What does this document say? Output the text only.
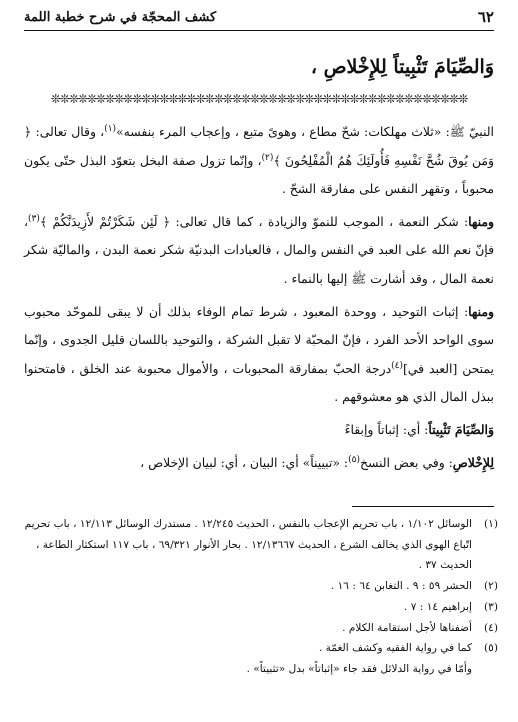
٦٢
كشف المحجّة في شرح خطبة اللمة
وَالصِّيَامَ تَثْبِيتاً لِلإِخْلاصِ ،
❊❊❊❊❊❊❊❊❊❊❊❊❊❊❊❊❊❊❊❊❊❊❊❊❊❊❊❊❊❊❊❊❊❊❊❊❊❊❊❊❊❊❊❊❊❊

النبيّ ﷺ: «ثلاث مهلكات: شحّ مطاع ، وهوىً متبع ، وإعجاب المرء بنفسه»$^{(١)}$، وقال تعالى: ﴿ وَمَن يُوقَ شُحَّ نَفْسِهِ فَأُولَئِكَ هُمُ الْمُفْلِحُونَ ﴾$^{(٢)}$، وإنّما تزول صفة البخل بتعوّد البذل حتّى يكون محبوباً ، وتقهر النفس على مفارقة الشحّ .

ومنها: شكر النعمة ، الموجب للنموّ والزيادة ، كما قال تعالى: ﴿ لَئِن شَكَرْتُمْ لأَزِيدَنَّكُمْ ﴾$^{(٣)}$، فإنّ نعم الله على العبد في النفس والمال ، فالعبادات البدنيّة شكر نعمة البدن ، والماليّة شكر نعمة المال ، وقد أشارت ﷺ إليها بالنماء .

ومنها: إثبات التوحيد ، ووحدة المعبود ، شرط تمام الوفاء بذلك أن لا يبقى للموحّد محبوب سوى الواحد الأحد الفرد ، فإنّ المحبّة لا تقبل الشركة ، والتوحيد باللسان قليل الجدوى ، وإنّما يمتحن [العبد في]$^{(٤)}$درجة الحبّ بمفارقة المحبوبات ، والأموال محبوبة عند الخلق ، فامتحنوا ببذل المال الذي هو معشوقهم .

وَالصِّيَامَ تَثْبِيتاً: أي: إثباتاً وإبقاءً

لِلإِخْلاصِ: وفي بعض النسخ$^{(٥)}$: «تبييناً» أي: البيان ، أي: لبيان الإخلاص ،

(١)
الوسائل ١/١٠٢ ، باب تحريم الإعجاب بالنفس ، الحديث ١٢/٢٤٥ . مستدرك الوسائل ١٢/١١٣ ، باب تحريم اتّباع الهوى الذي يخالف الشرع ، الحديث ١٢/١٣٦٦٧ . بحار الأنوار ٦٩/٣٢١ ، باب ١١٧ استكثار الطاعة ، الحديث ٣٧ .
(٢)
الحشر ٥٩ : ٩ . التغابن ٦٤ : ١٦ .
(٣)
إبراهيم ١٤ : ٧ .
(٤)
أضفناها لأجل استقامة الكلام .
(٥)
كما في رواية الفقيه وكشف الغمّة .
وأمّا في رواية الدلائل فقد جاء «إثباتاً» بدل «تثبيتاً» .
